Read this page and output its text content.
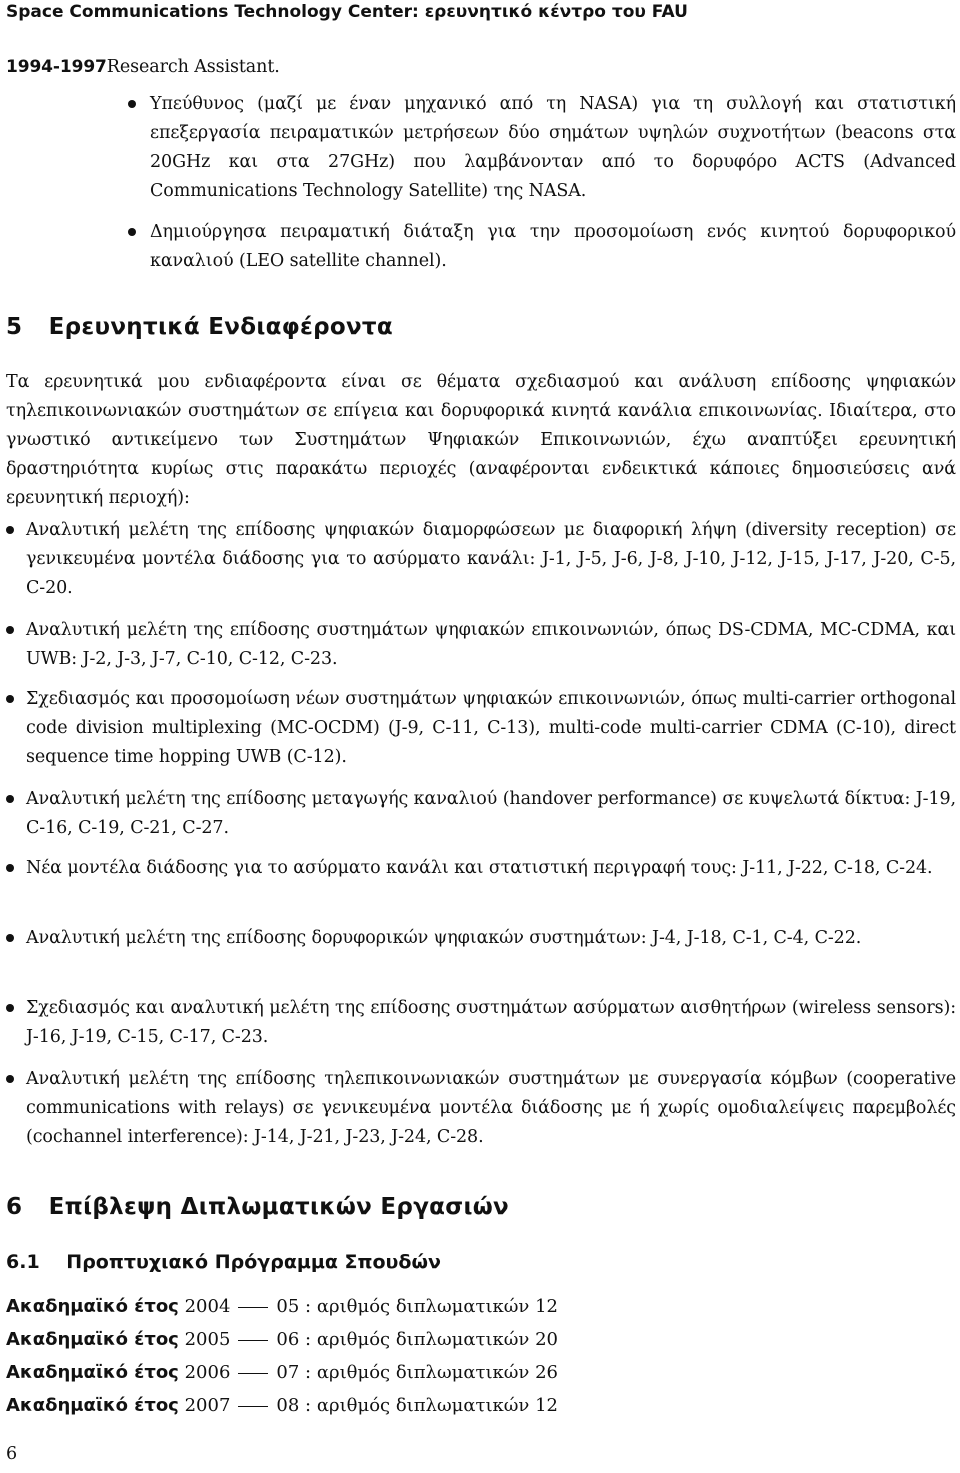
Space Communications Technology Center: ερευνητικό κέντρο του FAU
1994-1997 Research Assistant.
Υπεύθυνος (μαζί με έναν μηχανικό από τη NASA) για τη συλλογή και στατιστική επεξεργασία πειραματικών μετρήσεων δύο σημάτων υψηλών συχνοτήτων (beacons στα 20GHz και στα 27GHz) που λαμβάνονταν από το δορυφόρο ACTS (Advanced Communications Technology Satellite) της NASA.
Δημιούργησα πειραματική διάταξη για την προσομοίωση ενός κινητού δορυφορικού καναλιού (LEO satellite channel).
5 Ερευνητικά Ενδιαφέροντα
Τα ερευνητικά μου ενδιαφέροντα είναι σε θέματα σχεδιασμού και ανάλυση επίδοσης ψηφιακών τηλεπικοινωνιακών συστημάτων σε επίγεια και δορυφορικά κινητά κανάλια επικοινωνίας. Ιδιαίτερα, στο γνωστικό αντικείμενο των Συστημάτων Ψηφιακών Επικοινωνιών, έχω αναπτύξει ερευνητική δραστηριότητα κυρίως στις παρακάτω περιοχές (αναφέρονται ενδεικτικά κάποιες δημοσιεύσεις ανά ερευνητική περιοχή):
Αναλυτική μελέτη της επίδοσης ψηφιακών διαμορφώσεων με διαφορική λήψη (diversity reception) σε γενικευμένα μοντέλα διάδοσης για το ασύρματο κανάλι: J-1, J-5, J-6, J-8, J-10, J-12, J-15, J-17, J-20, C-5, C-20.
Αναλυτική μελέτη της επίδοσης συστημάτων ψηφιακών επικοινωνιών, όπως DS-CDMA, MC-CDMA, και UWB: J-2, J-3, J-7, C-10, C-12, C-23.
Σχεδιασμός και προσομοίωση νέων συστημάτων ψηφιακών επικοινωνιών, όπως multi-carrier orthogonal code division multiplexing (MC-OCDM) (J-9, C-11, C-13), multi-code multi-carrier CDMA (C-10), direct sequence time hopping UWB (C-12).
Αναλυτική μελέτη της επίδοσης μεταγωγής καναλιού (handover performance) σε κυψελωτά δίκτυα: J-19, C-16, C-19, C-21, C-27.
Νέα μοντέλα διάδοσης για το ασύρματο κανάλι και στατιστική περιγραφή τους: J-11, J-22, C-18, C-24.
Αναλυτική μελέτη της επίδοσης δορυφορικών ψηφιακών συστημάτων: J-4, J-18, C-1, C-4, C-22.
Σχεδιασμός και αναλυτική μελέτη της επίδοσης συστημάτων ασύρματων αισθητήρων (wireless sensors): J-16, J-19, C-15, C-17, C-23.
Αναλυτική μελέτη της επίδοσης τηλεπικοινωνιακών συστημάτων με συνεργασία κόμβων (cooperative communications with relays) σε γενικευμένα μοντέλα διάδοσης με ή χωρίς ομοδιαλείψεις παρεμβολές (cochannel interference): J-14, J-21, J-23, J-24, C-28.
6 Επίβλεψη Διπλωματικών Εργασιών
6.1 Προπτυχιακό Πρόγραμμα Σπουδών
Ακαδημαϊκό έτος 2004	05 : αριθμός διπλωματικών 12
Ακαδημαϊκό έτος 2005	06 : αριθμός διπλωματικών 20
Ακαδημαϊκό έτος 2006	07 : αριθμός διπλωματικών 26
Ακαδημαϊκό έτος 2007	08 : αριθμός διπλωματικών 12
6
